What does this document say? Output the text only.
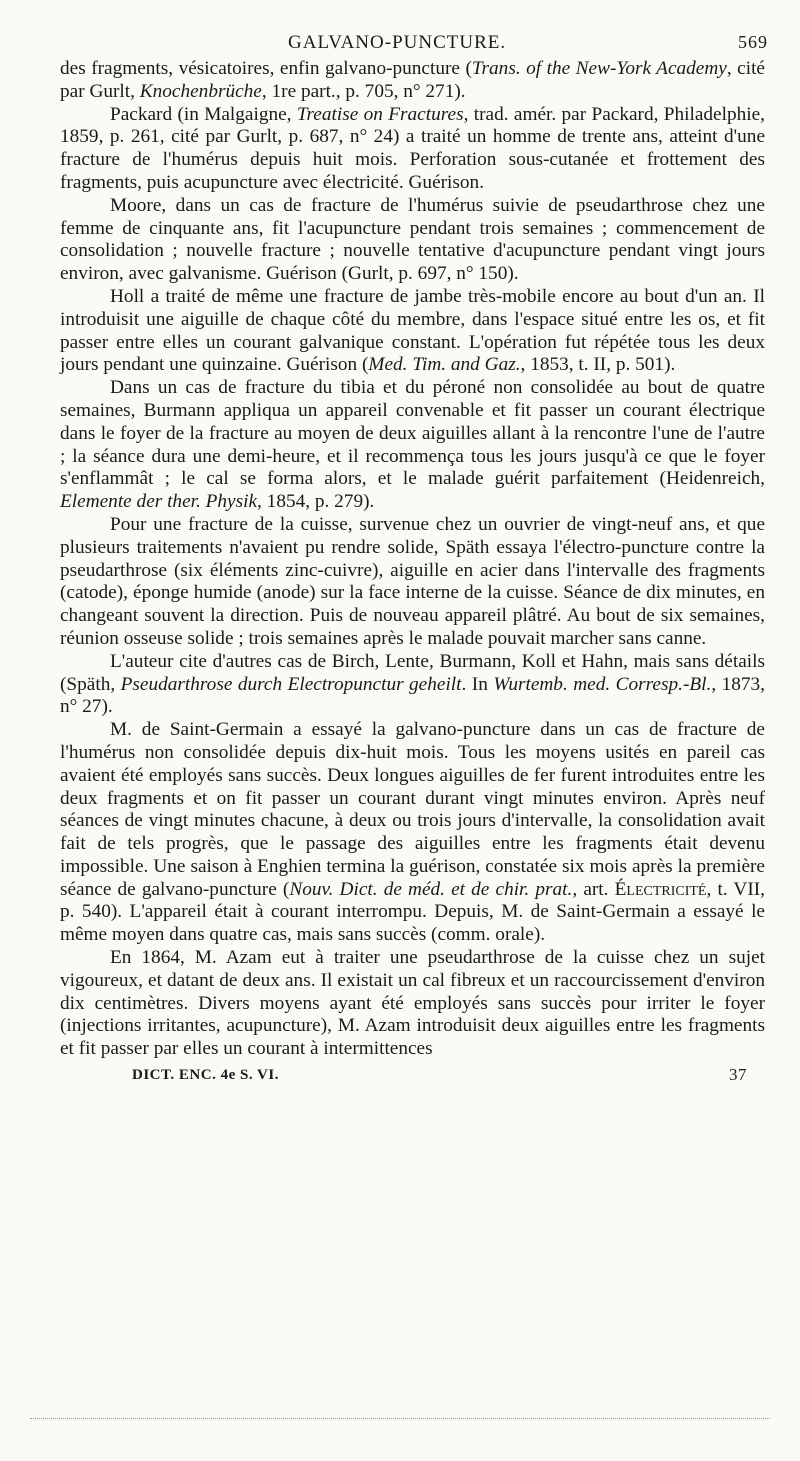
GALVANO-PUNCTURE.	569

des fragments, vésicatoires, enfin galvano-puncture (Trans. of the New-York Academy, cité par Gurlt, Knochenbrüche, 1re part., p. 705, n° 271).

Packard (in Malgaigne, Treatise on Fractures, trad. amér. par Packard, Philadelphie, 1859, p. 261, cité par Gurlt, p. 687, n° 24) a traité un homme de trente ans, atteint d'une fracture de l'humérus depuis huit mois. Perforation sous-cutanée et frottement des fragments, puis acupuncture avec électricité. Guérison.

Moore, dans un cas de fracture de l'humérus suivie de pseudarthrose chez une femme de cinquante ans, fit l'acupuncture pendant trois semaines ; commencement de consolidation ; nouvelle fracture ; nouvelle tentative d'acupuncture pendant vingt jours environ, avec galvanisme. Guérison (Gurlt, p. 697, n° 150).

Holl a traité de même une fracture de jambe très-mobile encore au bout d'un an. Il introduisit une aiguille de chaque côté du membre, dans l'espace situé entre les os, et fit passer entre elles un courant galvanique constant. L'opération fut répétée tous les deux jours pendant une quinzaine. Guérison (Med. Tim. and Gaz., 1853, t. II, p. 501).

Dans un cas de fracture du tibia et du péroné non consolidée au bout de quatre semaines, Burmann appliqua un appareil convenable et fit passer un courant électrique dans le foyer de la fracture au moyen de deux aiguilles allant à la rencontre l'une de l'autre ; la séance dura une demi-heure, et il recommença tous les jours jusqu'à ce que le foyer s'enflammât ; le cal se forma alors, et le malade guérit parfaitement (Heidenreich, Elemente der ther. Physik, 1854, p. 279).

Pour une fracture de la cuisse, survenue chez un ouvrier de vingt-neuf ans, et que plusieurs traitements n'avaient pu rendre solide, Späth essaya l'électro-puncture contre la pseudarthrose (six éléments zinc-cuivre), aiguille en acier dans l'intervalle des fragments (catode), éponge humide (anode) sur la face interne de la cuisse. Séance de dix minutes, en changeant souvent la direction. Puis de nouveau appareil plâtré. Au bout de six semaines, réunion osseuse solide ; trois semaines après le malade pouvait marcher sans canne.

L'auteur cite d'autres cas de Birch, Lente, Burmann, Koll et Hahn, mais sans détails (Späth, Pseudarthrose durch Electropunctur geheilt. In Wurtemb. med. Corresp.-Bl., 1873, n° 27).

M. de Saint-Germain a essayé la galvano-puncture dans un cas de fracture de l'humérus non consolidée depuis dix-huit mois. Tous les moyens usités en pareil cas avaient été employés sans succès. Deux longues aiguilles de fer furent introduites entre les deux fragments et on fit passer un courant durant vingt minutes environ. Après neuf séances de vingt minutes chacune, à deux ou trois jours d'intervalle, la consolidation avait fait de tels progrès, que le passage des aiguilles entre les fragments était devenu impossible. Une saison à Enghien termina la guérison, constatée six mois après la première séance de galvano-puncture (Nouv. Dict. de méd. et de chir. prat., art. Électricité, t. VII, p. 540). L'appareil était à courant interrompu. Depuis, M. de Saint-Germain a essayé le même moyen dans quatre cas, mais sans succès (comm. orale).

En 1864, M. Azam eut à traiter une pseudarthrose de la cuisse chez un sujet vigoureux, et datant de deux ans. Il existait un cal fibreux et un raccourcissement d'environ dix centimètres. Divers moyens ayant été employés sans succès pour irriter le foyer (injections irritantes, acupuncture), M. Azam introduisit deux aiguilles entre les fragments et fit passer par elles un courant à intermittences

DICT. ENC. 4e S. VI.	37
